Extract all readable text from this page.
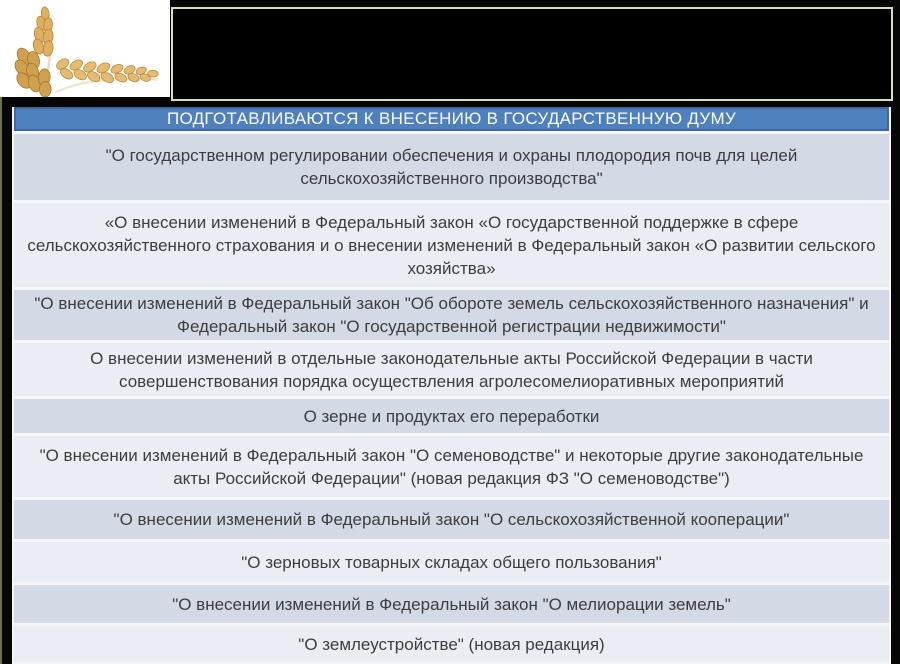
ПОДГОТАВЛИВАЮТСЯ К ВНЕСЕНИЮ В ГОСУДАРСТВЕННУЮ ДУМУ
"О государственном регулировании обеспечения и охраны плодородия почв для целей сельскохозяйственного производства"
«О внесении изменений в Федеральный закон «О государственной поддержке в сфере сельскохозяйственного страхования и о внесении изменений в Федеральный закон «О развитии сельского хозяйства»
"О внесении изменений в Федеральный закон "Об обороте земель сельскохозяйственного назначения" и Федеральный закон "О государственной регистрации недвижимости"
О внесении изменений в отдельные законодательные акты Российской Федерации в части совершенствования порядка осуществления агролесомелиоративных мероприятий
О зерне и продуктах его переработки
"О внесении изменений в Федеральный закон "О семеноводстве" и некоторые другие законодательные акты Российской Федерации" (новая редакция ФЗ "О семеноводстве")
"О внесении изменений в Федеральный закон "О сельскохозяйственной кооперации"
"О зерновых товарных складах общего пользования"
"О внесении изменений в Федеральный закон "О мелиорации земель"
"О землеустройстве" (новая редакция)
